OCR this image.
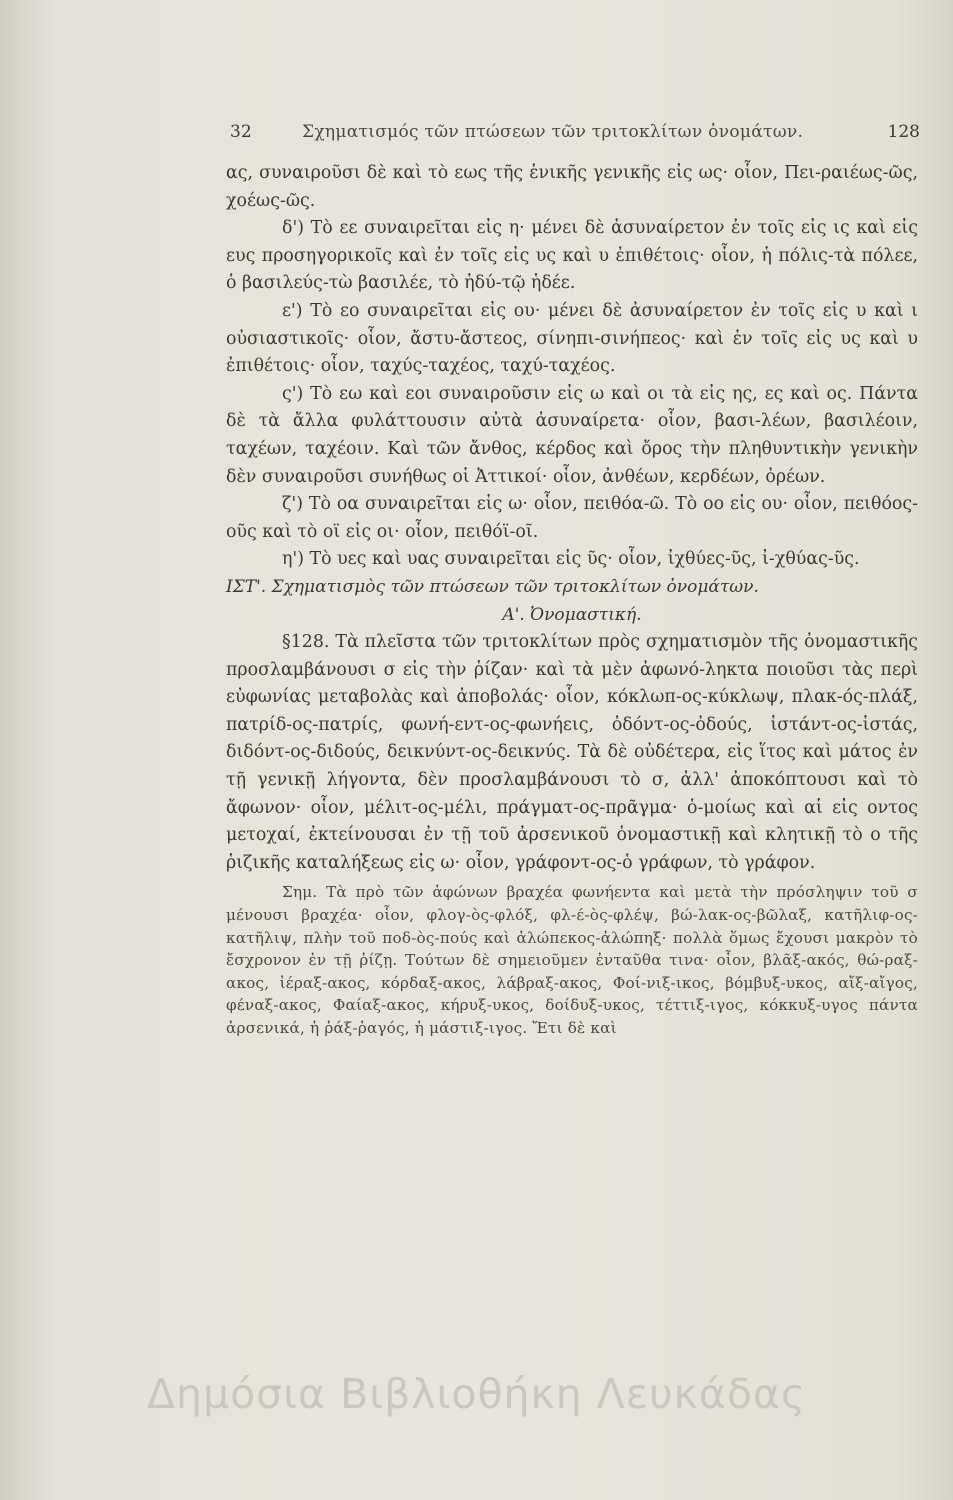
32	Σχηματισμός τῶν πτώσεων τῶν τριτοκλίτων ὀνομάτων.	128

ας, συναιροῦσι δὲ καὶ τὸ εως τῆς ἑνικῆς γενικῆς εἰς ως· οἷον, Πει-ραιέως-ῶς, χοέως-ῶς.

δ') Τὸ εε συναιρεῖται εἰς η· μένει δὲ ἀσυναίρετον ἐν τοῖς εἰς ις καὶ εἰς ευς προσηγορικοῖς καὶ ἐν τοῖς εἰς υς καὶ υ ἐπιθέτοις· οἷον, ἡ πόλις-τὰ πόλεε, ὁ βασιλεύς-τὼ βασιλέε, τὸ ἡδύ-τῷ ἡδέε.

ε') Τὸ εο συναιρεῖται εἰς ου· μένει δὲ ἀσυναίρετον ἐν τοῖς εἰς υ καὶ ι οὐσιαστικοῖς· οἷον, ἄστυ-ἄστεος, σίνηπι-σινήπεος· καὶ ἐν τοῖς εἰς υς καὶ υ ἐπιθέτοις· οἷον, ταχύς-ταχέος, ταχύ-ταχέος.

ς') Τὸ εω καὶ εοι συναιροῦσιν εἰς ω καὶ οι τὰ εἰς ης, ες καὶ ος. Πάντα δὲ τὰ ἄλλα φυλάττουσιν αὐτὰ ἀσυναίρετα· οἷον, βασι-λέων, βασιλέοιν, ταχέων, ταχέοιν. Καὶ τῶν ἄνθος, κέρδος καὶ ὄρος τὴν πληθυντικὴν γενικὴν δὲν συναιροῦσι συνήθως οἱ Ἀττικοί· οἷον, ἀνθέων, κερδέων, ὀρέων.

ζ') Τὸ οα συναιρεῖται εἰς ω· οἷον, πειθόα-ῶ. Τὸ οο εἰς ου· οἷον, πειθόος-οῦς καὶ τὸ οϊ εἰς οι· οἷον, πειθόϊ-οῖ.

η') Τὸ υες καὶ υας συναιρεῖται εἰς ῦς· οἷον, ἰχθύες-ῦς, ἰ-χθύας-ῦς.

ΙΣΤ'. Σχηματισμὸς τῶν πτώσεων τῶν τριτοκλίτων ὀνομάτων.

Α'. Ὀνομαστική.

§128. Τὰ πλεῖστα τῶν τριτοκλίτων πρὸς σχηματισμὸν τῆς ὀνομαστικῆς προσλαμβάνουσι σ εἰς τὴν ῥίζαν· καὶ τὰ μὲν ἀφωνό-ληκτα ποιοῦσι τὰς περὶ εὐφωνίας μεταβολὰς καὶ ἀποβολάς· οἷον, κόκλωπ-ος-κύκλωψ, πλακ-ός-πλάξ, πατρίδ-ος-πατρίς, φωνή-εντ-ος-φωνήεις, ὀδόντ-ος-ὀδούς, ἱστάντ-ος-ἱστάς, διδόντ-ος-διδούς, δεικνύντ-ος-δεικνύς. Τὰ δὲ οὐδέτερα, εἰς ἵτος καὶ μάτος ἐν τῇ γενικῇ λήγοντα, δὲν προσλαμβάνουσι τὸ σ, ἀλλ' ἀποκόπτουσι καὶ τὸ ἄφωνον· οἷον, μέλιτ-ος-μέλι, πράγματ-ος-πρᾶγμα· ὁ-μοίως καὶ αἱ εἰς οντος μετοχαί, ἐκτείνουσαι ἐν τῇ τοῦ ἀρσενικοῦ ὀνομαστικῇ καὶ κλητικῇ τὸ ο τῆς ῥιζικῆς καταλήξεως εἰς ω· οἷον, γράφοντ-ος-ὁ γράφων, τὸ γράφον.

Σημ. Τὰ πρὸ τῶν ἀφώνων βραχέα φωνήεντα καὶ μετὰ τὴν πρόσληψιν τοῦ σ μένουσι βραχέα· οἷον, φλογ-ὸς-φλόξ, φλ-έ-ὸς-φλέψ, βώ-λακ-ος-βῶλαξ, κατῆλιφ-ος-κατῆλιψ, πλὴν τοῦ ποδ-ὸς-πούς καὶ ἀλώπεκος-ἀλώπηξ· πολλὰ ὅμως ἔχουσι μακρὸν τὸ ἔσχρονον ἐν τῇ ῥίζῃ. Τούτων δὲ σημειοῦμεν ἐνταῦθα τινα· οἷον, βλᾶξ-ακός, θώ-ραξ-ακος, ἱέραξ-ακος, κόρδαξ-ακος, λάβραξ-ακος, Φοί-νιξ-ικος, βόμβυξ-υκος, αἴξ-αἴγος, φέναξ-ακος, Φαίαξ-ακος, κήρυξ-υκος, δοίδυξ-υκος, τέττιξ-ιγος, κόκκυξ-υγος πάντα ἀρσενικά, ἡ ῥάξ-ῥαγός, ἡ μάστιξ-ιγος. Ἔτι δὲ καὶ

Δημόσια Βιβλιοθήκη Λευκάδας
